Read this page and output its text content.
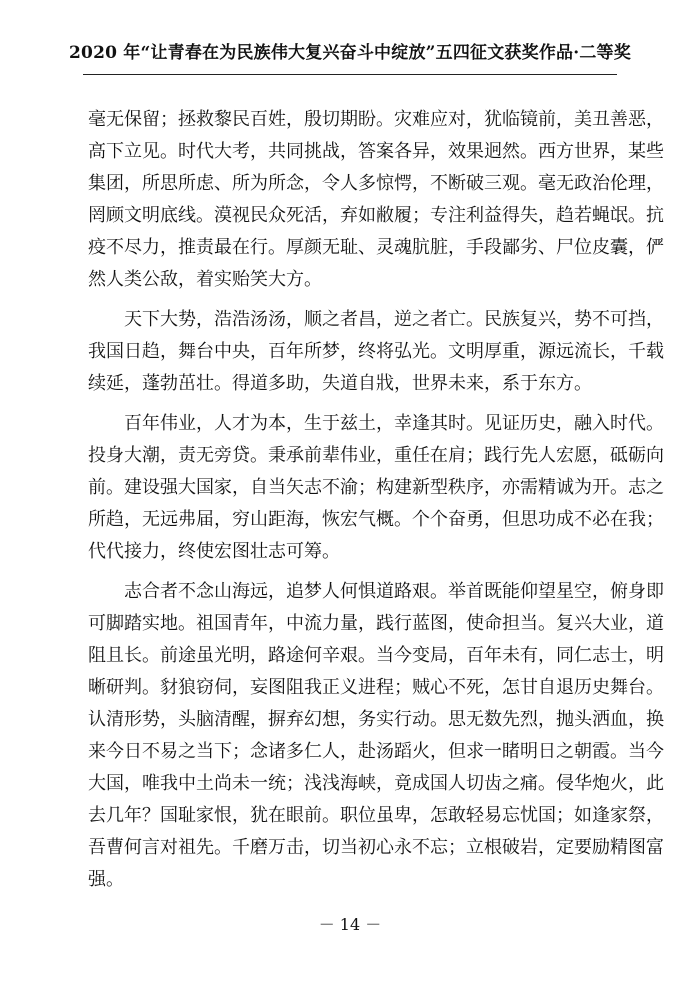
2020 年“让青春在为民族伟大复兴奋斗中绽放”五四征文获奖作品·二等奖
毫无保留；拯救黎民百姓，殷切期盼。灾难应对，犹临镜前，美丑善恶，
高下立见。时代大考，共同挑战，答案各异，效果迥然。西方世界，某些
集团，所思所虑、所为所念，令人多惊愕，不断破三观。毫无政治伦理，
罔顾文明底线。漠视民众死活，弃如敝履；专注利益得失，趋若蝇氓。抗
疫不尽力，推责最在行。厚颜无耻、灵魂肮脏，手段鄙劣、尸位皮囊，俨
然人类公敌，着实贻笑大方。
天下大势，浩浩汤汤，顺之者昌，逆之者亡。民族复兴，势不可挡，
我国日趋，舞台中央，百年所梦，终将弘光。文明厚重，源远流长，千载
续延，蓬勃茁壮。得道多助，失道自戕，世界未来，系于东方。
百年伟业，人才为本，生于兹土，幸逢其时。见证历史，融入时代。
投身大潮，责无旁贷。秉承前辈伟业，重任在肩；践行先人宏愿，砥砺向
前。建设强大国家，自当矢志不渝；构建新型秩序，亦需精诚为开。志之
所趋，无远弗届，穷山距海，恢宏气概。个个奋勇，但思功成不必在我；
代代接力，终使宏图壮志可筹。
志合者不念山海远，追梦人何惧道路艰。举首既能仰望星空，俯身即
可脚踏实地。祖国青年，中流力量，践行蓝图，使命担当。复兴大业，道
阻且长。前途虽光明，路途何辛艰。当今变局，百年未有，同仁志士，明
晰研判。豺狼窃伺，妄图阻我正义进程；贼心不死，怎甘自退历史舞台。
认清形势，头脑清醒，摒弃幻想，务实行动。思无数先烈，抛头洒血，换
来今日不易之当下；念诸多仁人，赴汤蹈火，但求一睹明日之朝霞。当今
大国，唯我中土尚未一统；浅浅海峡，竟成国人切齿之痛。侵华炮火，此
去几年？国耻家恨，犹在眼前。职位虽卑，怎敢轻易忘忧国；如逢家祭，
吾曹何言对祖先。千磨万击，切当初心永不忘；立根破岩，定要励精图富
强。
－ 14 －
